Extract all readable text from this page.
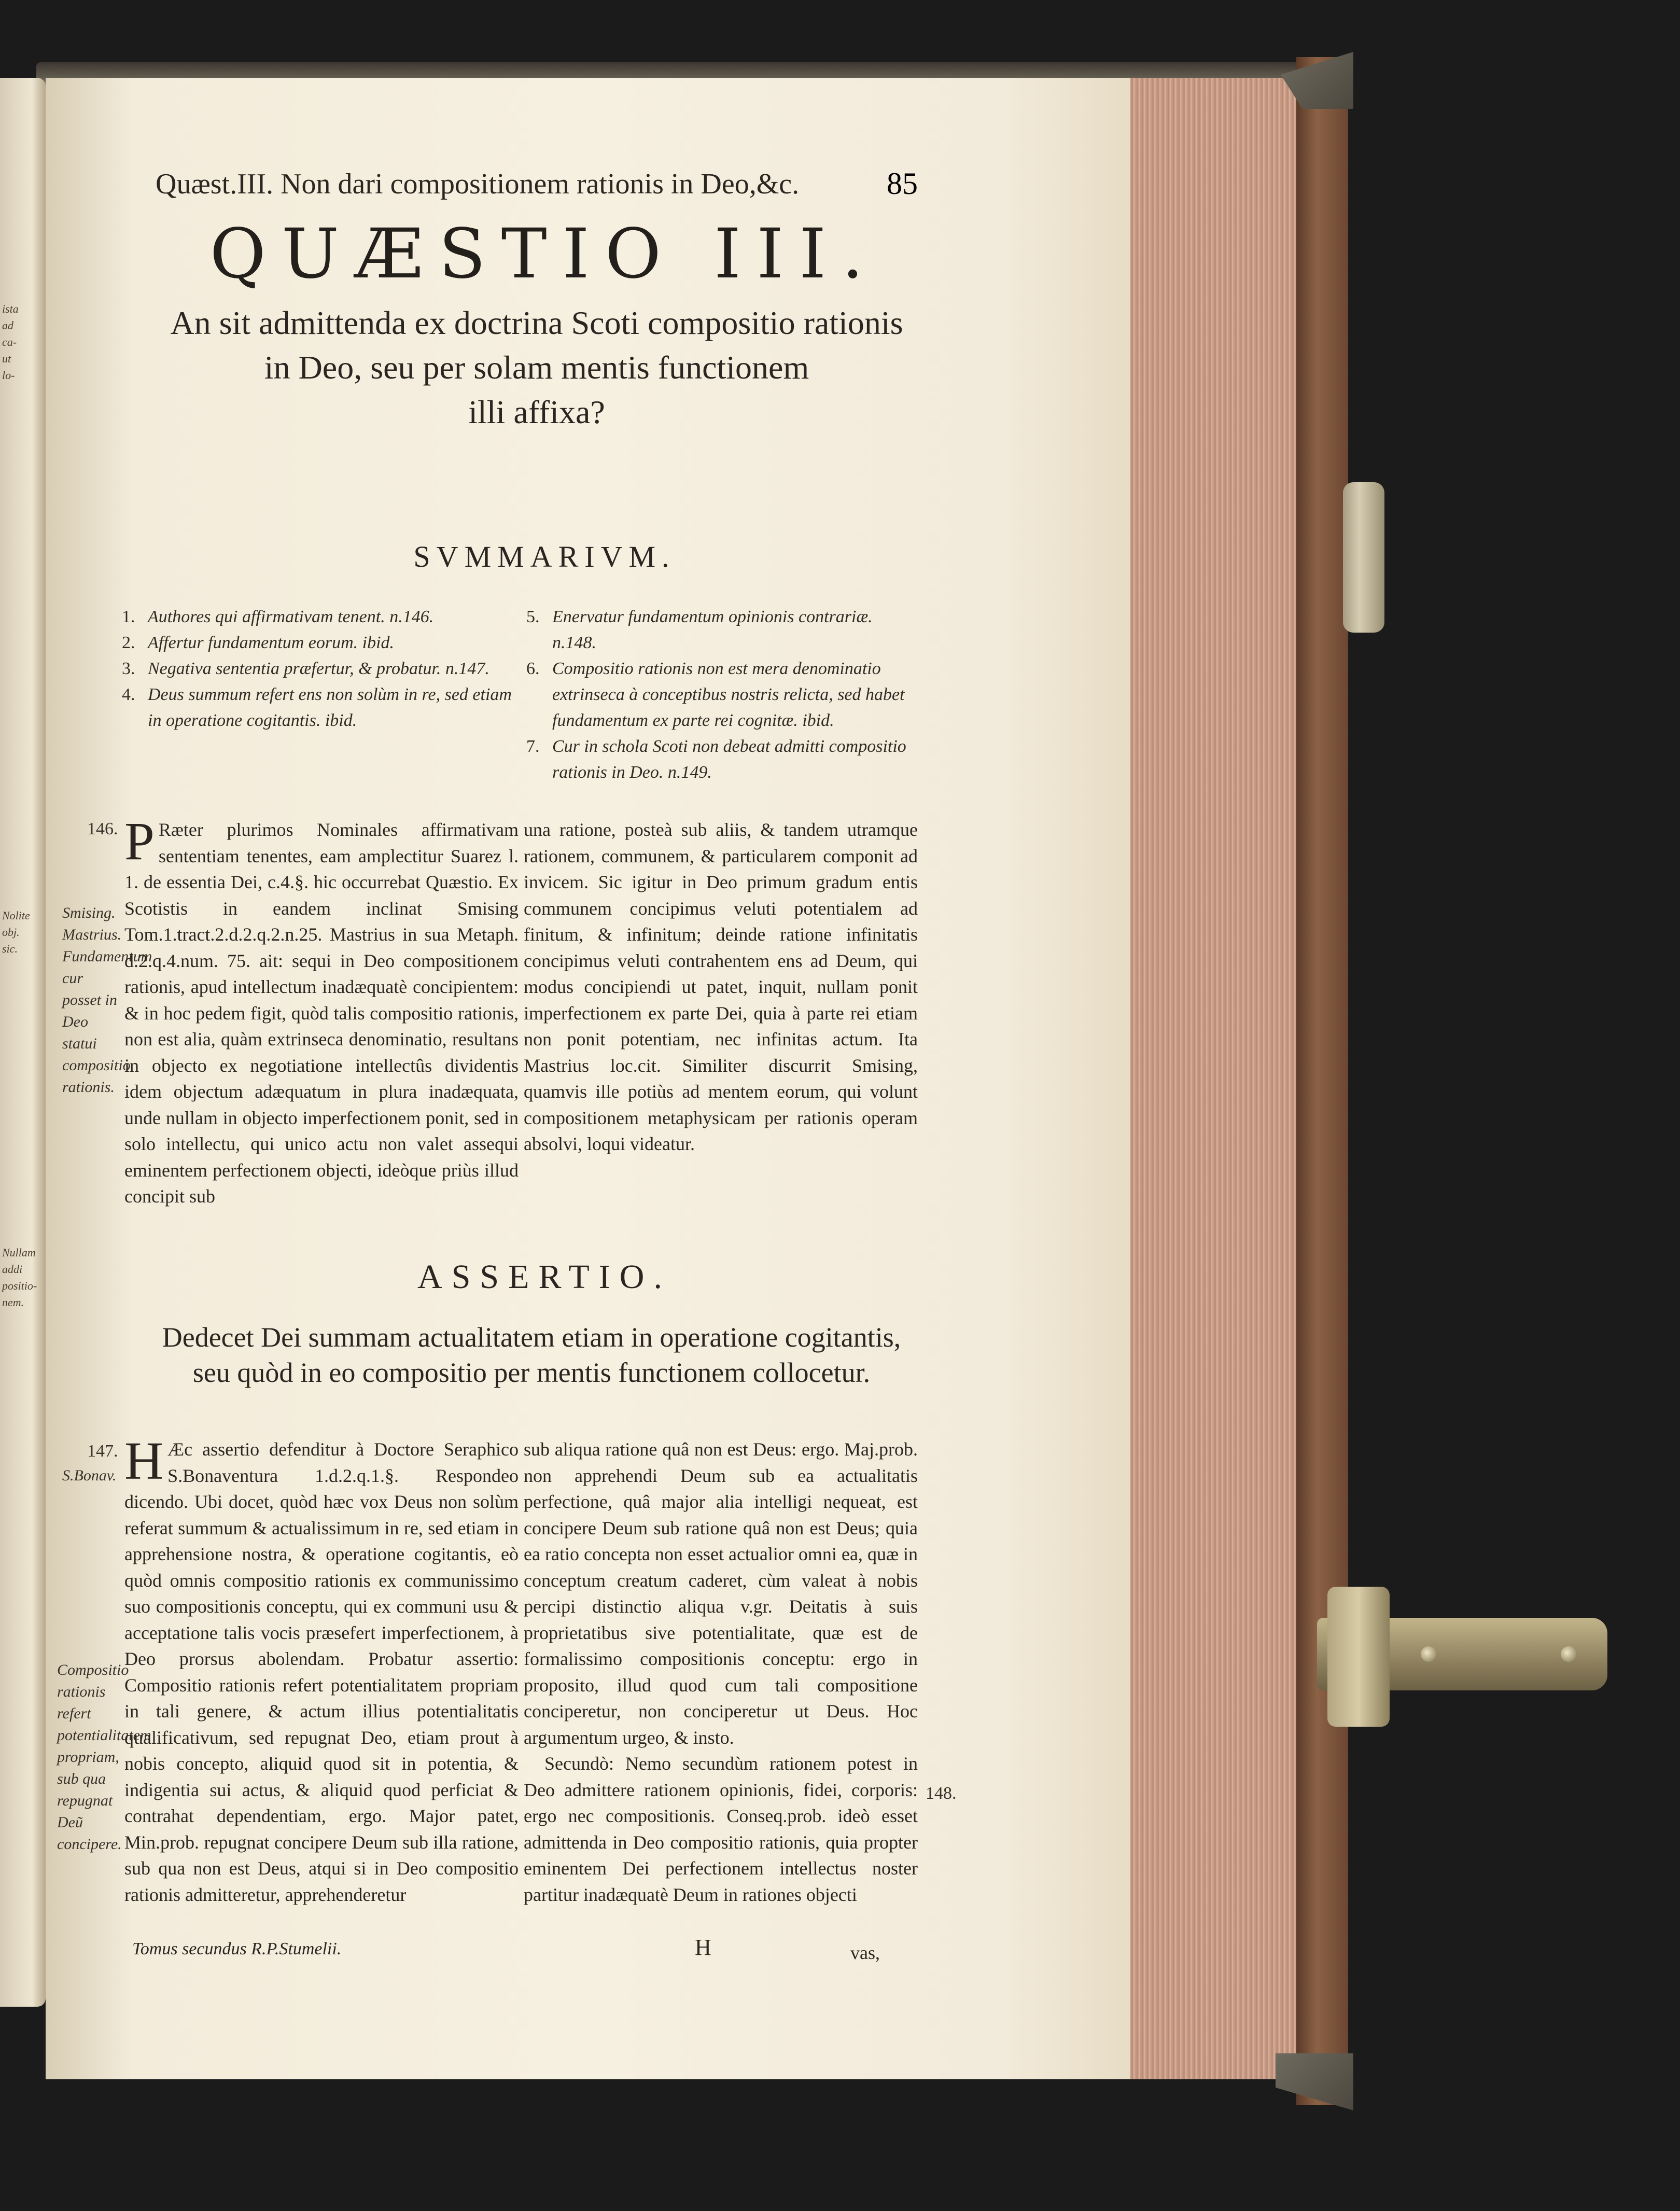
ista
ad
ca-
ut
lo-
Nolite
obj.
sic.
Nullam
addi
positio-
nem.
Quæst.III. Non dari compositionem rationis in Deo,&c.	85
QUÆSTIO III.
An sit admittenda ex doctrina Scoti compositio rationis
in Deo, seu per solam mentis functionem
illi affixa?
SVMMARIVM.
1. Authores qui affirmativam tenent. n.146.
2. Affertur fundamentum eorum. ibid.
3. Negativa sententia præfertur, & probatur. n.147.
4. Deus summum refert ens non solùm in re, sed etiam in operatione cogitantis. ibid.
5. Enervatur fundamentum opinionis contrariæ. n.148.
6. Compositio rationis non est mera denominatio extrinseca à conceptibus nostris relicta, sed habet fundamentum ex parte rei cognitæ. ibid.
7. Cur in schola Scoti non debeat admitti compositio rationis in Deo. n.149.
146.
Smising. Mastrius. Fundamentum cur posset in Deo statui compositio rationis.
P Ræter plurimos Nominales affirmativam sententiam tenentes, eam amplectitur Suarez l. 1. de essentia Dei, c.4.§. hic occurrebat Quæstio. Ex Scotistis in eandem inclinat Smising Tom.1.tract.2.d.2.q.2.n.25. Mastrius in sua Metaph. d.2.q.4.num. 75. ait: sequi in Deo compositionem rationis, apud intellectum inadæquatè concipientem: & in hoc pedem figit, quòd talis compositio rationis, non est alia, quàm extrinseca denominatio, resultans in objecto ex negotiatione intellectûs dividentis idem objectum adæquatum in plura inadæquata, unde nullam in objecto imperfectionem ponit, sed in solo intellectu, qui unico actu non valet assequi eminentem perfectionem objecti, ideòque priùs illud concipit sub
una ratione, posteà sub aliis, & tandem utramque rationem, communem, & particularem componit ad invicem. Sic igitur in Deo primum gradum entis communem concipimus veluti potentialem ad finitum, & infinitum; deinde ratione infinitatis concipimus veluti contrahentem ens ad Deum, qui modus concipiendi ut patet, inquit, nullam ponit imperfectionem ex parte Dei, quia à parte rei etiam non ponit potentiam, nec infinitas actum. Ita Mastrius loc.cit. Similiter discurrit Smising, quamvis ille potiùs ad mentem eorum, qui volunt compositionem metaphysicam per rationis operam absolvi, loqui videatur.
ASSERTIO.
Dedecet Dei summam actualitatem etiam in operatione cogitantis,
seu quòd in eo compositio per mentis functionem collocetur.
147.
S.Bonav.
Compositio rationis refert potentialitatem propriam, sub qua repugnat Deũ concipere.
H Æc assertio defenditur à Doctore Seraphico S.Bonaventura 1.d.2.q.1.§. Respondeo dicendo. Ubi docet, quòd hæc vox Deus non solùm referat summum & actualissimum in re, sed etiam in apprehensione nostra, & operatione cogitantis, eò quòd omnis compositio rationis ex communissimo suo compositionis conceptu, qui ex communi usu & acceptatione talis vocis præsefert imperfectionem, à Deo prorsus abolendam. Probatur assertio: Compositio rationis refert potentialitatem propriam in tali genere, & actum illius potentialitatis qualificativum, sed repugnat Deo, etiam prout à nobis concepto, aliquid quod sit in potentia, & indigentia sui actus, & aliquid quod perficiat & contrahat dependentiam, ergo. Major patet, Min.prob. repugnat concipere Deum sub illa ratione, sub qua non est Deus, atqui si in Deo compositio rationis admitteretur, apprehenderetur
sub aliqua ratione quâ non est Deus: ergo. Maj.prob. non apprehendi Deum sub ea actualitatis perfectione, quâ major alia intelligi nequeat, est concipere Deum sub ratione quâ non est Deus; quia ea ratio concepta non esset actualior omni ea, quæ in conceptum creatum caderet, cùm valeat à nobis percipi distinctio aliqua v.gr. Deitatis à suis proprietatibus sive potentialitate, quæ est de formalissimo compositionis conceptu: ergo in proposito, illud quod cum tali compositione conciperetur, non conciperetur ut Deus. Hoc argumentum urgeo, & insto.
Secundò: Nemo secundùm rationem potest in Deo admittere rationem opinionis, fidei, corporis: ergo nec compositionis. Conseq.prob. ideò esset admittenda in Deo compositio rationis, quia propter eminentem Dei perfectionem intellectus noster partitur inadæquatè Deum in rationes objecti
148.
Tomus secundus R.P.Stumelii.	H	vas,
